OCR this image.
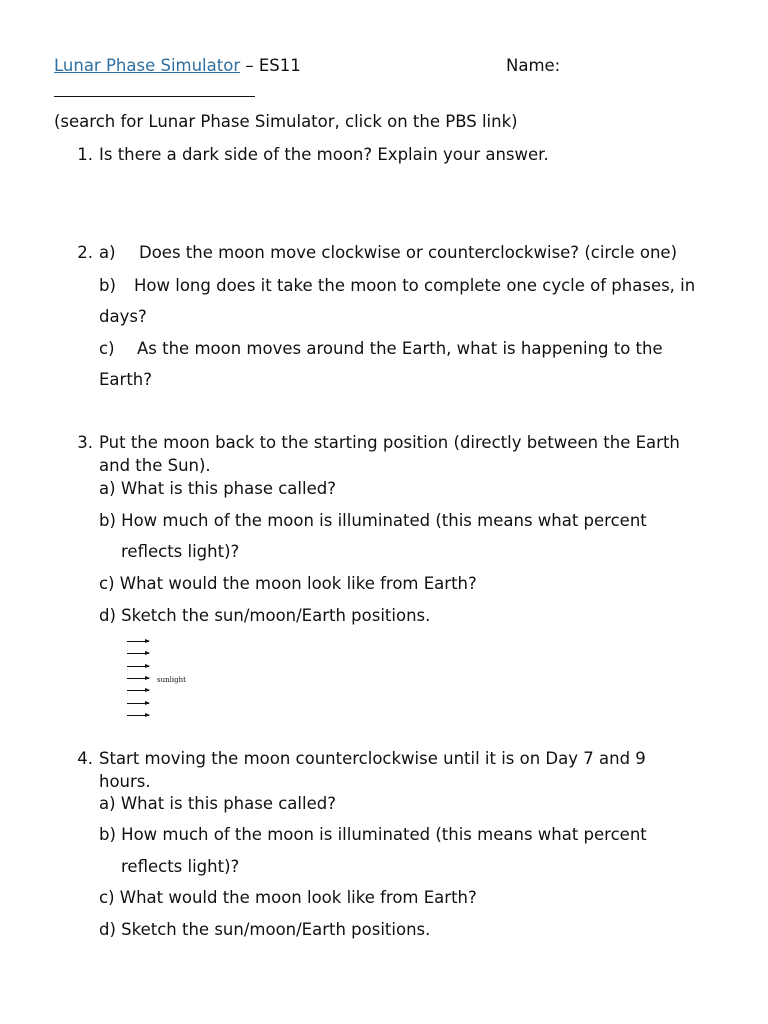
Lunar Phase Simulator – ES11	Name:
(search for Lunar Phase Simulator, click on the PBS link)
1. Is there a dark side of the moon? Explain your answer.
2. a) Does the moon move clockwise or counterclockwise? (circle one)
b) How long does it take the moon to complete one cycle of phases, in
days?
c) As the moon moves around the Earth, what is happening to the
Earth?
3. Put the moon back to the starting position (directly between the Earth
and the Sun).
a) What is this phase called?
b) How much of the moon is illuminated (this means what percent
reflects light)?
c) What would the moon look like from Earth?
d) Sketch the sun/moon/Earth positions.
sunlight
4. Start moving the moon counterclockwise until it is on Day 7 and 9
hours.
a) What is this phase called?
b) How much of the moon is illuminated (this means what percent
reflects light)?
c) What would the moon look like from Earth?
d) Sketch the sun/moon/Earth positions.
